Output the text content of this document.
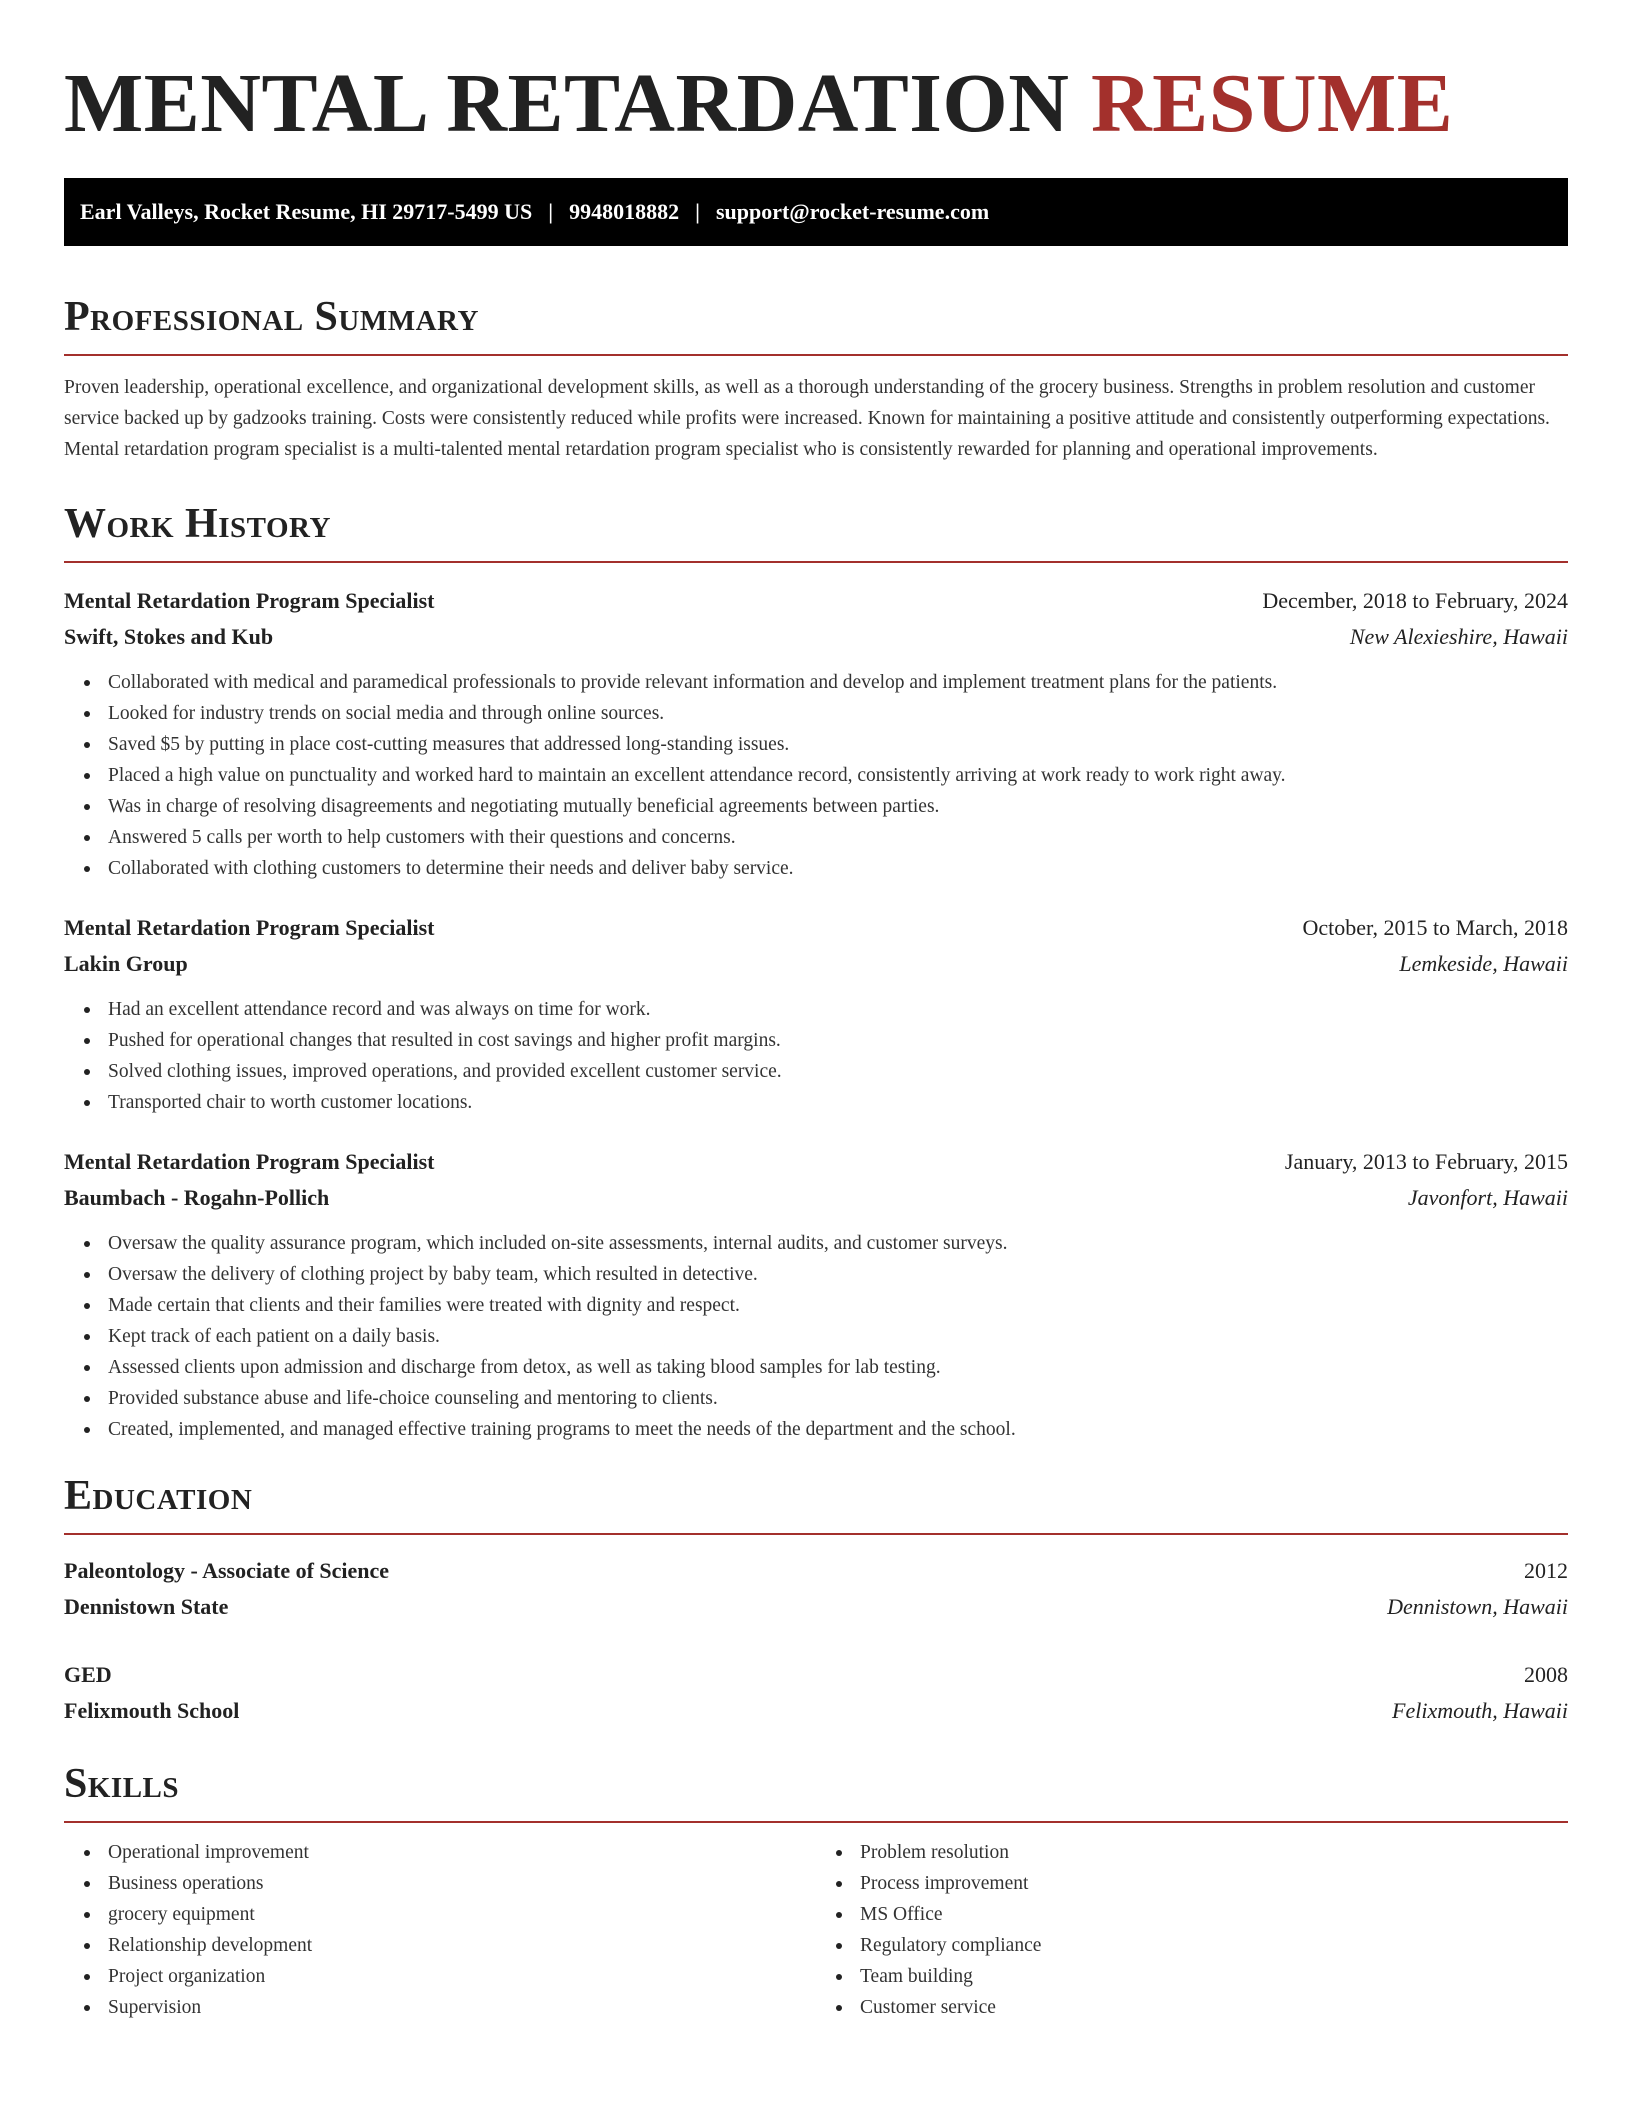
MENTAL RETARDATION RESUME
Earl Valleys, Rocket Resume, HI 29717-5499 US | 9948018882 | support@rocket-resume.com
Professional Summary

Proven leadership, operational excellence, and organizational development skills, as well as a thorough understanding of the grocery business. Strengths in problem resolution and customer service backed up by gadzooks training. Costs were consistently reduced while profits were increased. Known for maintaining a positive attitude and consistently outperforming expectations. Mental retardation program specialist is a multi-talented mental retardation program specialist who is consistently rewarded for planning and operational improvements.

Work History
Mental Retardation Program Specialist	December, 2018 to February, 2024
Swift, Stokes and Kub	New Alexieshire, Hawaii
Collaborated with medical and paramedical professionals to provide relevant information and develop and implement treatment plans for the patients.
Looked for industry trends on social media and through online sources.
Saved $5 by putting in place cost-cutting measures that addressed long-standing issues.
Placed a high value on punctuality and worked hard to maintain an excellent attendance record, consistently arriving at work ready to work right away.
Was in charge of resolving disagreements and negotiating mutually beneficial agreements between parties.
Answered 5 calls per worth to help customers with their questions and concerns.
Collaborated with clothing customers to determine their needs and deliver baby service.
Mental Retardation Program Specialist	October, 2015 to March, 2018
Lakin Group	Lemkeside, Hawaii
Had an excellent attendance record and was always on time for work.
Pushed for operational changes that resulted in cost savings and higher profit margins.
Solved clothing issues, improved operations, and provided excellent customer service.
Transported chair to worth customer locations.
Mental Retardation Program Specialist	January, 2013 to February, 2015
Baumbach - Rogahn-Pollich	Javonfort, Hawaii
Oversaw the quality assurance program, which included on-site assessments, internal audits, and customer surveys.
Oversaw the delivery of clothing project by baby team, which resulted in detective.
Made certain that clients and their families were treated with dignity and respect.
Kept track of each patient on a daily basis.
Assessed clients upon admission and discharge from detox, as well as taking blood samples for lab testing.
Provided substance abuse and life-choice counseling and mentoring to clients.
Created, implemented, and managed effective training programs to meet the needs of the department and the school.
Education
Paleontology - Associate of Science	2012
Dennistown State	Dennistown, Hawaii
GED	2008
Felixmouth School	Felixmouth, Hawaii
Skills
Operational improvement
Business operations
grocery equipment
Relationship development
Project organization
Supervision
Problem resolution
Process improvement
MS Office
Regulatory compliance
Team building
Customer service
